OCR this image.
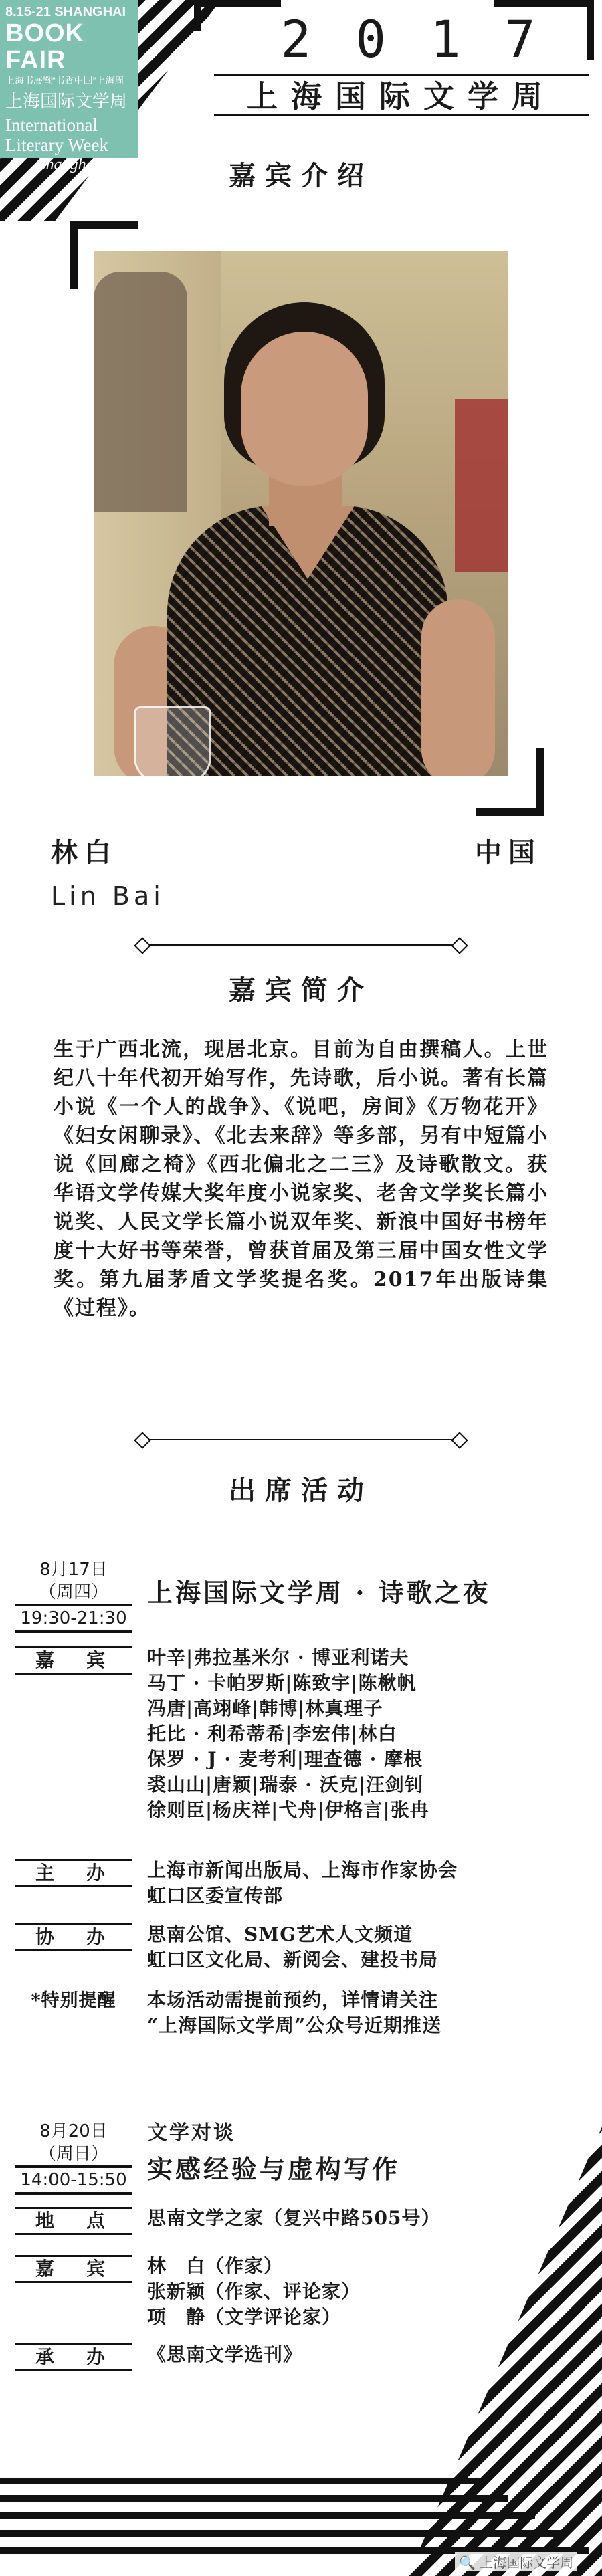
8.15-21 SHANGHAI
BOOK FAIR
上海书展暨“书香中国”上海周
上海国际文学周
International
Literary Week
Shanghai
2017
上海国际文学周
嘉宾介绍
林白	中国
Lin Bai
嘉宾简介
生于广西北流，现居北京。目前为自由撰稿人。上世纪八十年代初开始写作，先诗歌，后小说。著有长篇小说《一个人的战争》、《说吧，房间》《万物花开》《妇女闲聊录》、《北去来辞》等多部，另有中短篇小说《回廊之椅》《西北偏北之二三》及诗歌散文。获华语文学传媒大奖年度小说家奖、老舍文学奖长篇小说奖、人民文学长篇小说双年奖、新浪中国好书榜年度十大好书等荣誉，曾获首届及第三届中国女性文学奖。第九届茅盾文学奖提名奖。2017年出版诗集《过程》。
出席活动
8月17日
（周四）
19:30-21:30
上海国际文学周 · 诗歌之夜
嘉　宾	叶辛|弗拉基米尔 · 博亚利诺夫
马丁 · 卡帕罗斯|陈致宇|陈楸帆
冯唐|高翊峰|韩博|林真理子
托比 · 利希蒂希|李宏伟|林白
保罗 · J · 麦考利|理查德 · 摩根
裘山山|唐颖|瑞泰 · 沃克|汪剑钊
徐则臣|杨庆祥|弋舟|伊格言|张冉
主　办	上海市新闻出版局、上海市作家协会
虹口区委宣传部
协　办	思南公馆、SMG艺术人文频道
虹口区文化局、新阅会、建投书局
*特别提醒	本场活动需提前预约，详情请关注
“上海国际文学周”公众号近期推送
8月20日
（周日）
14:00-15:50
文学对谈
实感经验与虚构写作
地　点	思南文学之家（复兴中路505号）
嘉　宾	林　白（作家）
张新颖（作家、评论家）
项　静（文学评论家）
承　办	《思南文学选刊》
🔍 上海国际文学周
